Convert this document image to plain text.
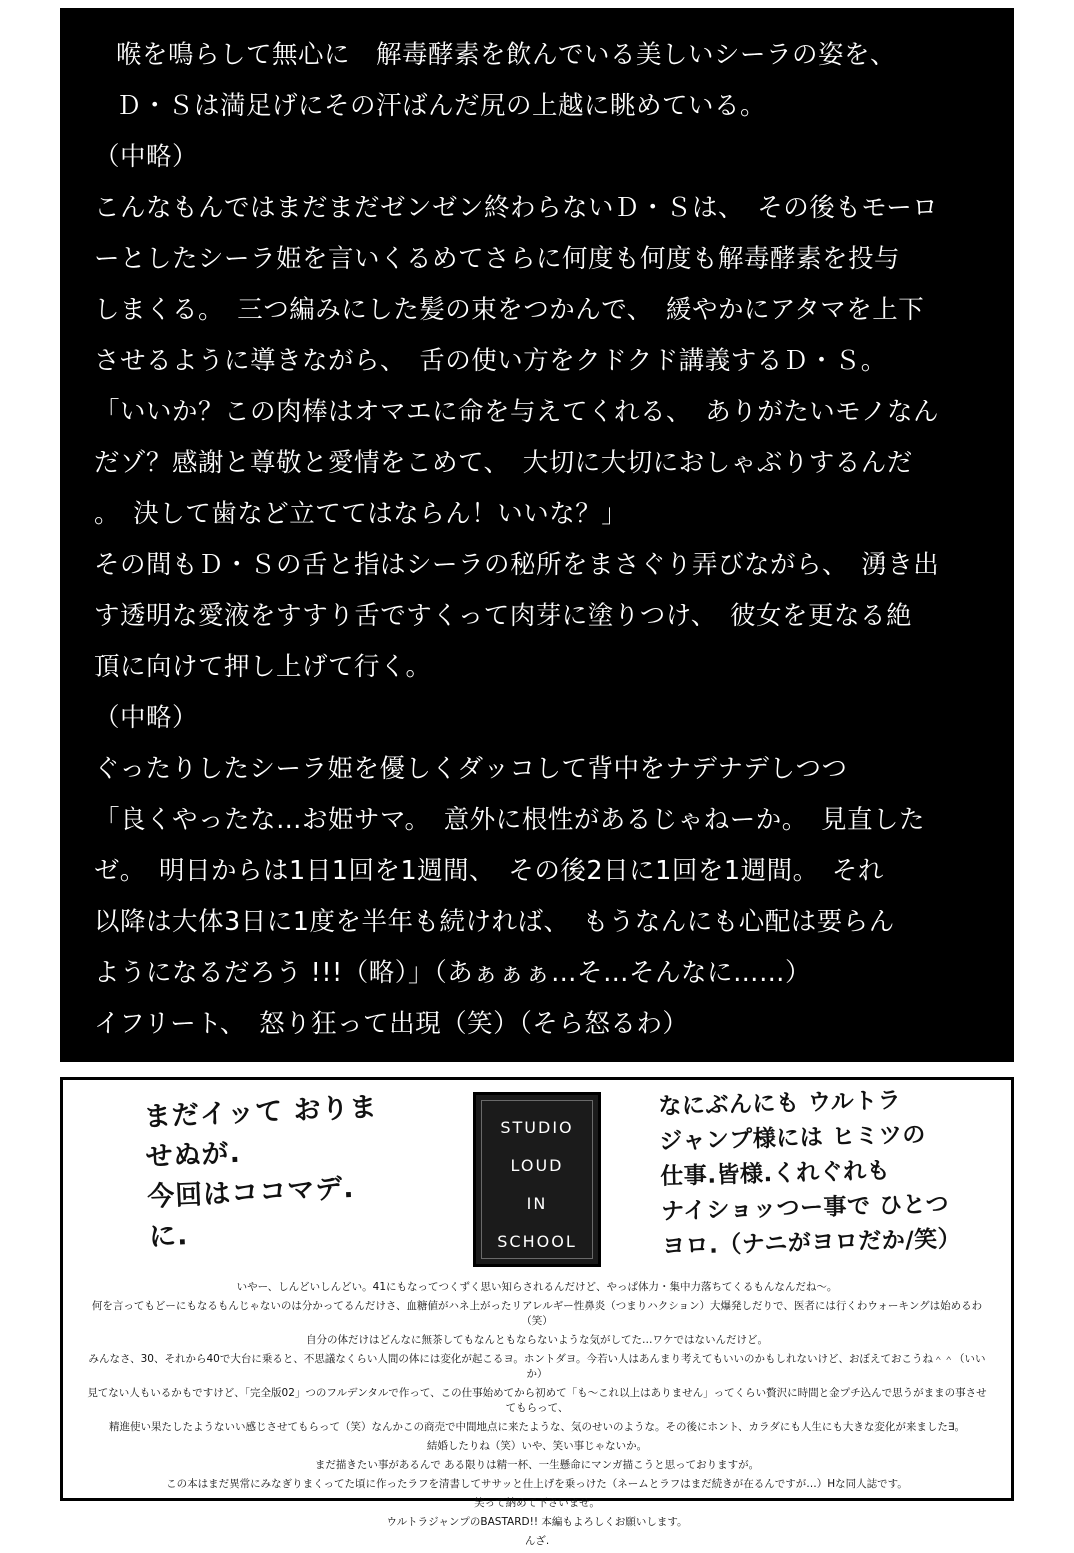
喉を鳴らして無心に　解毒酵素を飲んでいる美しいシーラの姿を、

Ｄ・Ｓは満足げにその汗ばんだ尻の上越に眺めている。

（中略）

こんなもんではまだまだゼンゼン終わらないＤ・Ｓは、　その後もモーロ

ーとしたシーラ姫を言いくるめてさらに何度も何度も解毒酵素を投与

しまくる。　三つ編みにした髪の束をつかんで、　緩やかにアタマを上下

させるように導きながら、　舌の使い方をクドクド講義するＤ・Ｓ。

「いいか？この肉棒はオマエに命を与えてくれる、　ありがたいモノなん

だゾ？感謝と尊敬と愛情をこめて、　大切に大切におしゃぶりするんだ

。　決して歯など立ててはならん！いいな？」

その間もＤ・Ｓの舌と指はシーラの秘所をまさぐり弄びながら、　湧き出

す透明な愛液をすすり舌ですくって肉芽に塗りつけ、　彼女を更なる絶

頂に向けて押し上げて行く。

（中略）

ぐったりしたシーラ姫を優しくダッコして背中をナデナデしつつ

「良くやったな…お姫サマ。　意外に根性があるじゃねーか。　見直した

ゼ。　明日からは1日1回を1週間、　その後2日に1回を1週間。　それ

以降は大体3日に1度を半年も続ければ、　もうなんにも心配は要らん

ようになるだろう !!!（略）」（あぁぁぁ…そ…そんなに……）

イフリート、　怒り狂って出現（笑）（そら怒るわ）

まだイッて おりま
せぬが.
今回はココマデ.
に.
STUDIO
LOUD
IN
SCHOOL
なにぶんにも ウルトラ
ジャンプ様には ヒミツの
仕事.皆様.くれぐれも
ナイショッつー事で ひとつ
ヨロ.（ナニがヨロだか/笑）

いやー、しんどいしんどい。41にもなってつくずく思い知らされるんだけど、やっぱ体力・集中力落ちてくるもんなんだね～。

何を言ってもどーにもなるもんじゃないのは分かってるんだけさ、血糖値がハネ上がったリアレルギー性鼻炎（つまりハクション）大爆発しだりで、医者には行くわウォーキングは始めるわ（笑）

自分の体だけはどんなに無茶してもなんともならないような気がしてた…ワケではないんだけど。

みんなさ、30、それから40で大台に乗ると、不思議なくらい人間の体には変化が起こるヨ。ホントダヨ。今若い人はあんまり考えてもいいのかもしれないけど、おぼえておこうね＾＾（いいか）

見てない人もいるかもですけど、「完全版02」つのフルデンタルで作って、この仕事始めてから初めて「も～これ以上はありません」ってくらい贅沢に時間と金プチ込んで思うがままの事させてもらって、

精進使い果たしたようないい感じさせてもらって（笑）なんかこの商売で中間地点に来たような、気のせいのような。その後にホント、カラダにも人生にも大きな変化が来ました∃。

結婚したりね（笑）いや、笑い事じゃないか。

まだ描きたい事があるんで ある限りは精一杯、一生懸命にマンガ描こうと思っておりますが。

この本はまだ異常にみなぎりまくってた頃に作ったラフを清書してササッと仕上げを乗っけた（ネームとラフはまだ続きが在るんですが…）Hな同人誌です。

笑って納めて下さいませ。

ウルトラジャンプのBASTARD!! 本編もよろしくお願いします。

んざ.
